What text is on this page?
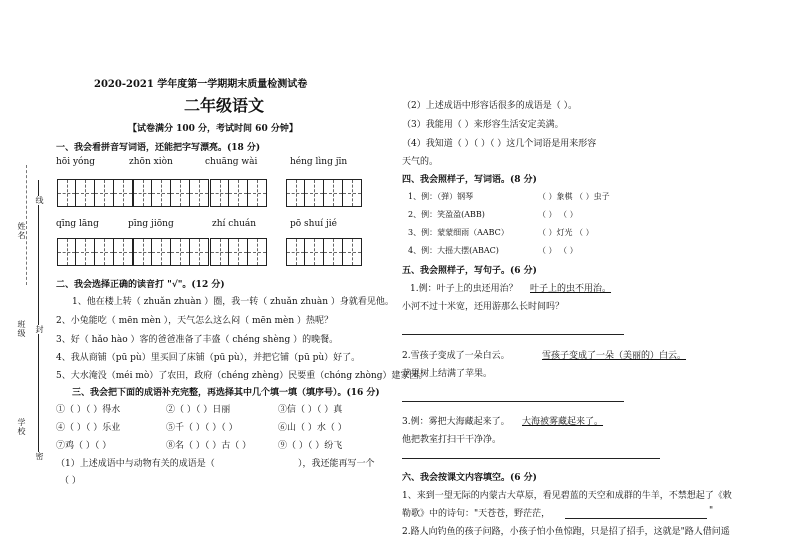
姓名
班级
学校
线
封
密
2020-2021 学年度第一学期期末质量检测试卷
二年级语文
【试卷满分 100 分，考试时间 60 分钟】
一、我会看拼音写词语，还能把字写漂亮。(18 分)
hōi yóng	zhōn xiòn	chuāng wài	héng lìng jīn
qīng lāng	pīng jiōng	zhí chuán	pō shuí jié
二、我会选择正确的读音打 "√"。(12 分)
1、他在楼上转（ zhuǎn zhuàn ）圈，我一转（ zhuǎn zhuàn ）身就看见他。
2、小兔能吃（ mēn mèn ），天气怎么这么闷（ mēn mèn ）热呢？
3、好（ hǎo hào ）客的爸爸准备了丰盛（ chéng shèng ）的晚餐。
4、我从商铺（pū pù）里买回了床铺（pū pù），并把它铺（pū pù）好了。
5、大水淹没（méi mò）了农田，政府（chéng zhèng）民要重（chóng zhòng）建家园。
三、我会把下面的成语补充完整，再选择其中几个填一填（填序号）。(16 分)
①（ ）（ ）得水	②（ ）（ ）日丽	③信（ ）（ ）真
④（ ）（ ）乐业	⑤千（ ）（ ）（ ）	⑥山（ ）水（ ）
⑦鸡（ ）（ ）	⑧名（ ）（ ）古（ ）	⑨（ ）（ ）纷飞
（1）上述成语中与动物有关的成语是（	），我还能再写一个
（ ）
（2）上述成语中形容话很多的成语是（ ）。
（3）我能用（ ）来形容生活安定美满。
（4）我知道（ ）（ ）（ ）这几个词语是用来形容
天气的。
四、我会照样子，写词语。(8 分)
1、例：（弹）钢琴	（ ）象棋 （ ）虫子
2、例：笑盈盈(ABB)	（ ） （ ）
3、例：蒙蒙细雨（AABC）	（ ）灯光 （ ）
4、例：大摇大摆(ABAC)	（ ） （ ）
五、我会照样子，写句子。(6 分)
1.例：叶子上的虫还用治？ 叶子上的虫不用治。
小河不过十米宽，还用游那么长时间吗？
2.雪孩子变成了一朵白云。	雪孩子变成了一朵（美丽的）白云。
苹果树上结满了苹果。
3.例：雾把大海藏起来了。 大海被雾藏起来了。
他把教室打扫干干净净。
六、我会按课文内容填空。(6 分)
1、来到一望无际的内蒙古大草原，看见碧蓝的天空和成群的牛羊，不禁想起了《敕
勒歌》中的诗句："天苍苍，野茫茫，	"
2.路人向钓鱼的孩子问路，小孩子怕小鱼惊跑，只是招了招手，这就是"路人借问遥
